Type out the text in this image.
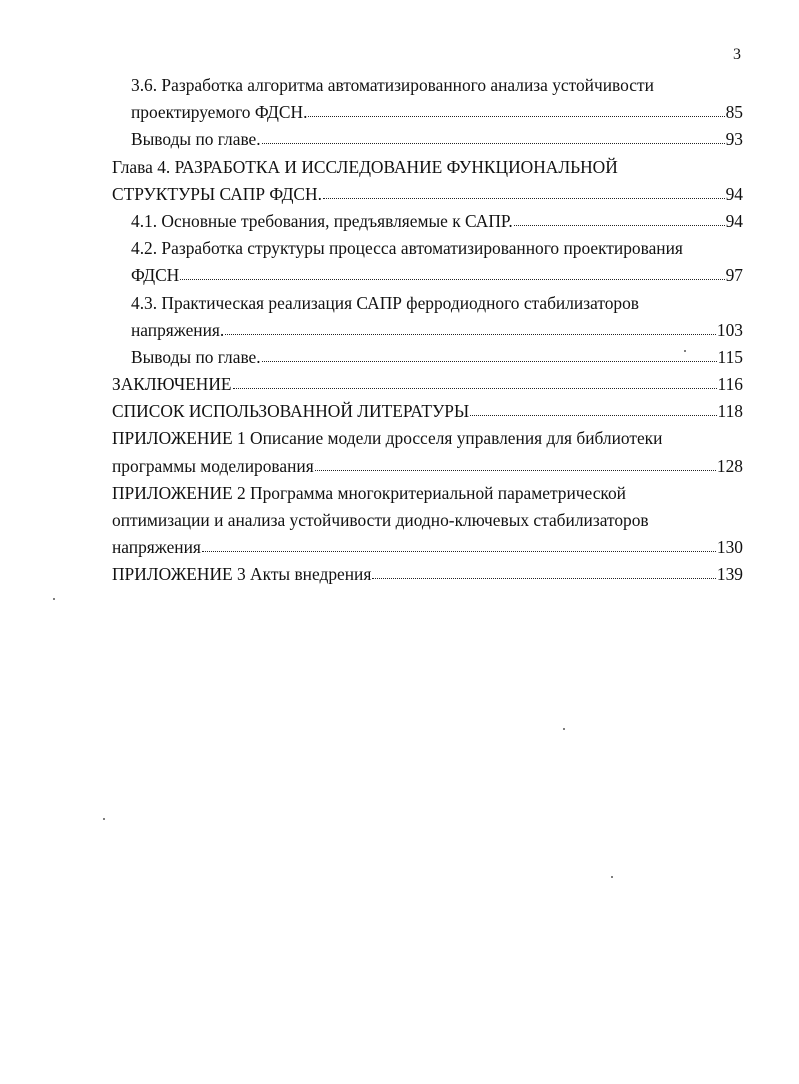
3
3.6. Разработка алгоритма автоматизированного анализа устойчивости
проектируемого ФДСН.	85
Выводы по главе.	93
Глава 4. РАЗРАБОТКА И ИССЛЕДОВАНИЕ ФУНКЦИОНАЛЬНОЙ
СТРУКТУРЫ САПР ФДСН.	94
4.1. Основные требования, предъявляемые к САПР.	94
4.2. Разработка структуры процесса автоматизированного проектирования
ФДСН	97
4.3. Практическая реализация САПР ферродиодного стабилизаторов
напряжения.	103
Выводы по главе.	115
ЗАКЛЮЧЕНИЕ	116
СПИСОК ИСПОЛЬЗОВАННОЙ ЛИТЕРАТУРЫ	118
ПРИЛОЖЕНИЕ 1 Описание модели дросселя управления для библиотеки
программы моделирования	128
ПРИЛОЖЕНИЕ 2 Программа многокритериальной параметрической
оптимизации и анализа устойчивости диодно-ключевых стабилизаторов
напряжения	130
ПРИЛОЖЕНИЕ 3 Акты внедрения	139
